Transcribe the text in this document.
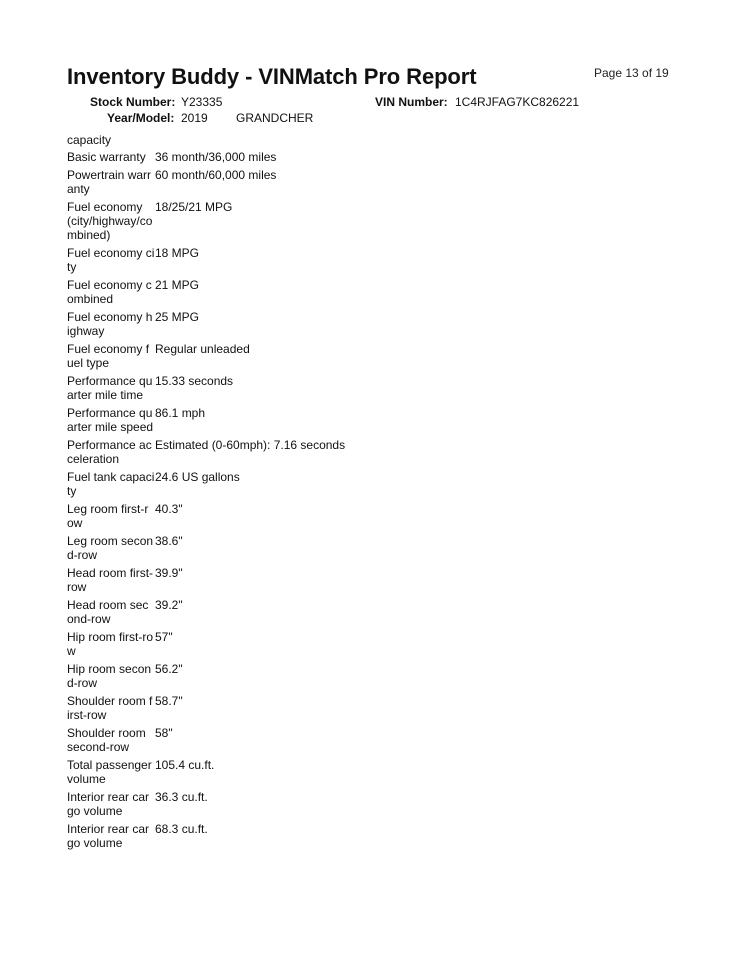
Page 13 of 19
Inventory Buddy - VINMatch Pro Report
Stock Number: Y23335	VIN Number: 1C4RJFAG7KC826221
Year/Model: 2019 GRANDCHER
capacity
Basic warranty 36 month/36,000 miles
Powertrain warranty
60 month/60,000 miles
Fuel economy (city/highway/combined)
18/25/21 MPG
Fuel economy city
18 MPG
Fuel economy combined
21 MPG
Fuel economy highway
25 MPG
Fuel economy fuel type
Regular unleaded
Performance quarter mile time
15.33 seconds
Performance quarter mile speed
86.1 mph
Performance acceleration
Estimated (0-60mph): 7.16 seconds
Fuel tank capacity
24.6 US gallons
Leg room first-row
40.3"
Leg room second-row
38.6"
Head room first-row
39.9"
Head room second-row
39.2"
Hip room first-row
57"
Hip room second-row
56.2"
Shoulder room first-row
58.7"
Shoulder room second-row
58"
Total passenger volume
105.4 cu.ft.
Interior rear cargo volume
36.3 cu.ft.
Interior rear cargo volume
68.3 cu.ft.
